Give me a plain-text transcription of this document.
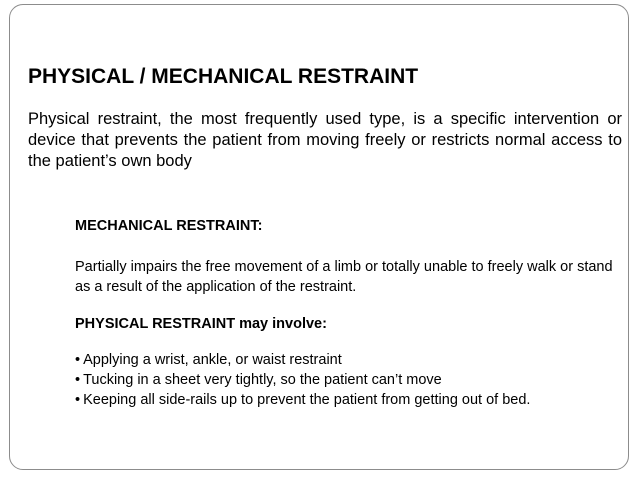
PHYSICAL / MECHANICAL RESTRAINT

Physical restraint, the most frequently used type, is a specific intervention or device that prevents the patient from moving freely or restricts normal access to the patient’s own body

MECHANICAL RESTRAINT:

Partially impairs the free movement of a limb or totally unable to freely walk or stand as a result of the application of the restraint.

PHYSICAL RESTRAINT may involve:

• Applying a wrist, ankle, or waist restraint
• Tucking in a sheet very tightly, so the patient can’t move
• Keeping all side-rails up to prevent the patient from getting out of bed.
